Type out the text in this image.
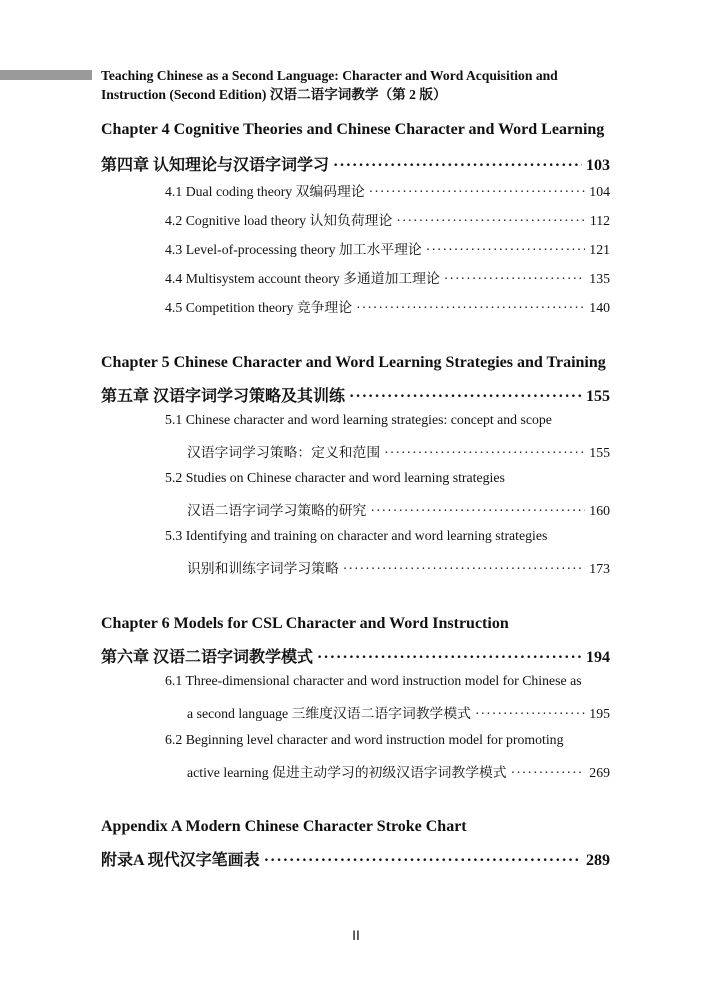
Teaching Chinese as a Second Language: Character and Word Acquisition and
Instruction (Second Edition) 汉语二语字词教学（第 2 版）
Chapter 4 Cognitive Theories and Chinese Character and Word Learning
第四章 认知理论与汉语字词学习 ·····	103
4.1 Dual coding theory 双编码理论 ·····	104
4.2 Cognitive load theory 认知负荷理论 ·····	112
4.3 Level-of-processing theory 加工水平理论 ·····	121
4.4 Multisystem account theory 多通道加工理论 ·····	135
4.5 Competition theory 竞争理论 ·····	140
Chapter 5 Chinese Character and Word Learning Strategies and Training
第五章 汉语字词学习策略及其训练 ·····	155
5.1 Chinese character and word learning strategies: concept and scope
汉语字词学习策略：定义和范围 ·····	155
5.2 Studies on Chinese character and word learning strategies
汉语二语字词学习策略的研究 ·····	160
5.3 Identifying and training on character and word learning strategies
识别和训练字词学习策略 ·····	173
Chapter 6 Models for CSL Character and Word Instruction
第六章 汉语二语字词教学模式 ·····	194
6.1 Three-dimensional character and word instruction model for Chinese as
a second language 三维度汉语二语字词教学模式 ·····	195
6.2 Beginning level character and word instruction model for promoting
active learning 促进主动学习的初级汉语字词教学模式 ·····	269
Appendix A Modern Chinese Character Stroke Chart
附录A 现代汉字笔画表 ·····	289
II
